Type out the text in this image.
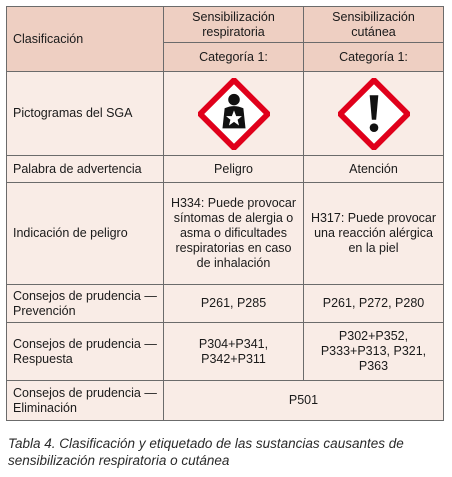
Clasificación	Sensibilización respiratoria	Sensibilización cutánea
	Categoría 1:	Categoría 1:
Pictogramas del SGA	

Palabra de advertencia	Peligro	Atención
Indicación de peligro	H334: Puede provocar síntomas de alergia o asma o dificultades respiratorias en caso de inhalación	H317: Puede provocar una reacción alérgica en la piel
Consejos de prudencia — Prevención	P261, P285	P261, P272, P280
Consejos de prudencia — Respuesta	P304+P341, P342+P311	P302+P352, P333+P313, P321, P363
Consejos de prudencia — Eliminación	P501	
Tabla 4. Clasificación y etiquetado de las sustancias causantes de sensibilización respiratoria o cutánea
